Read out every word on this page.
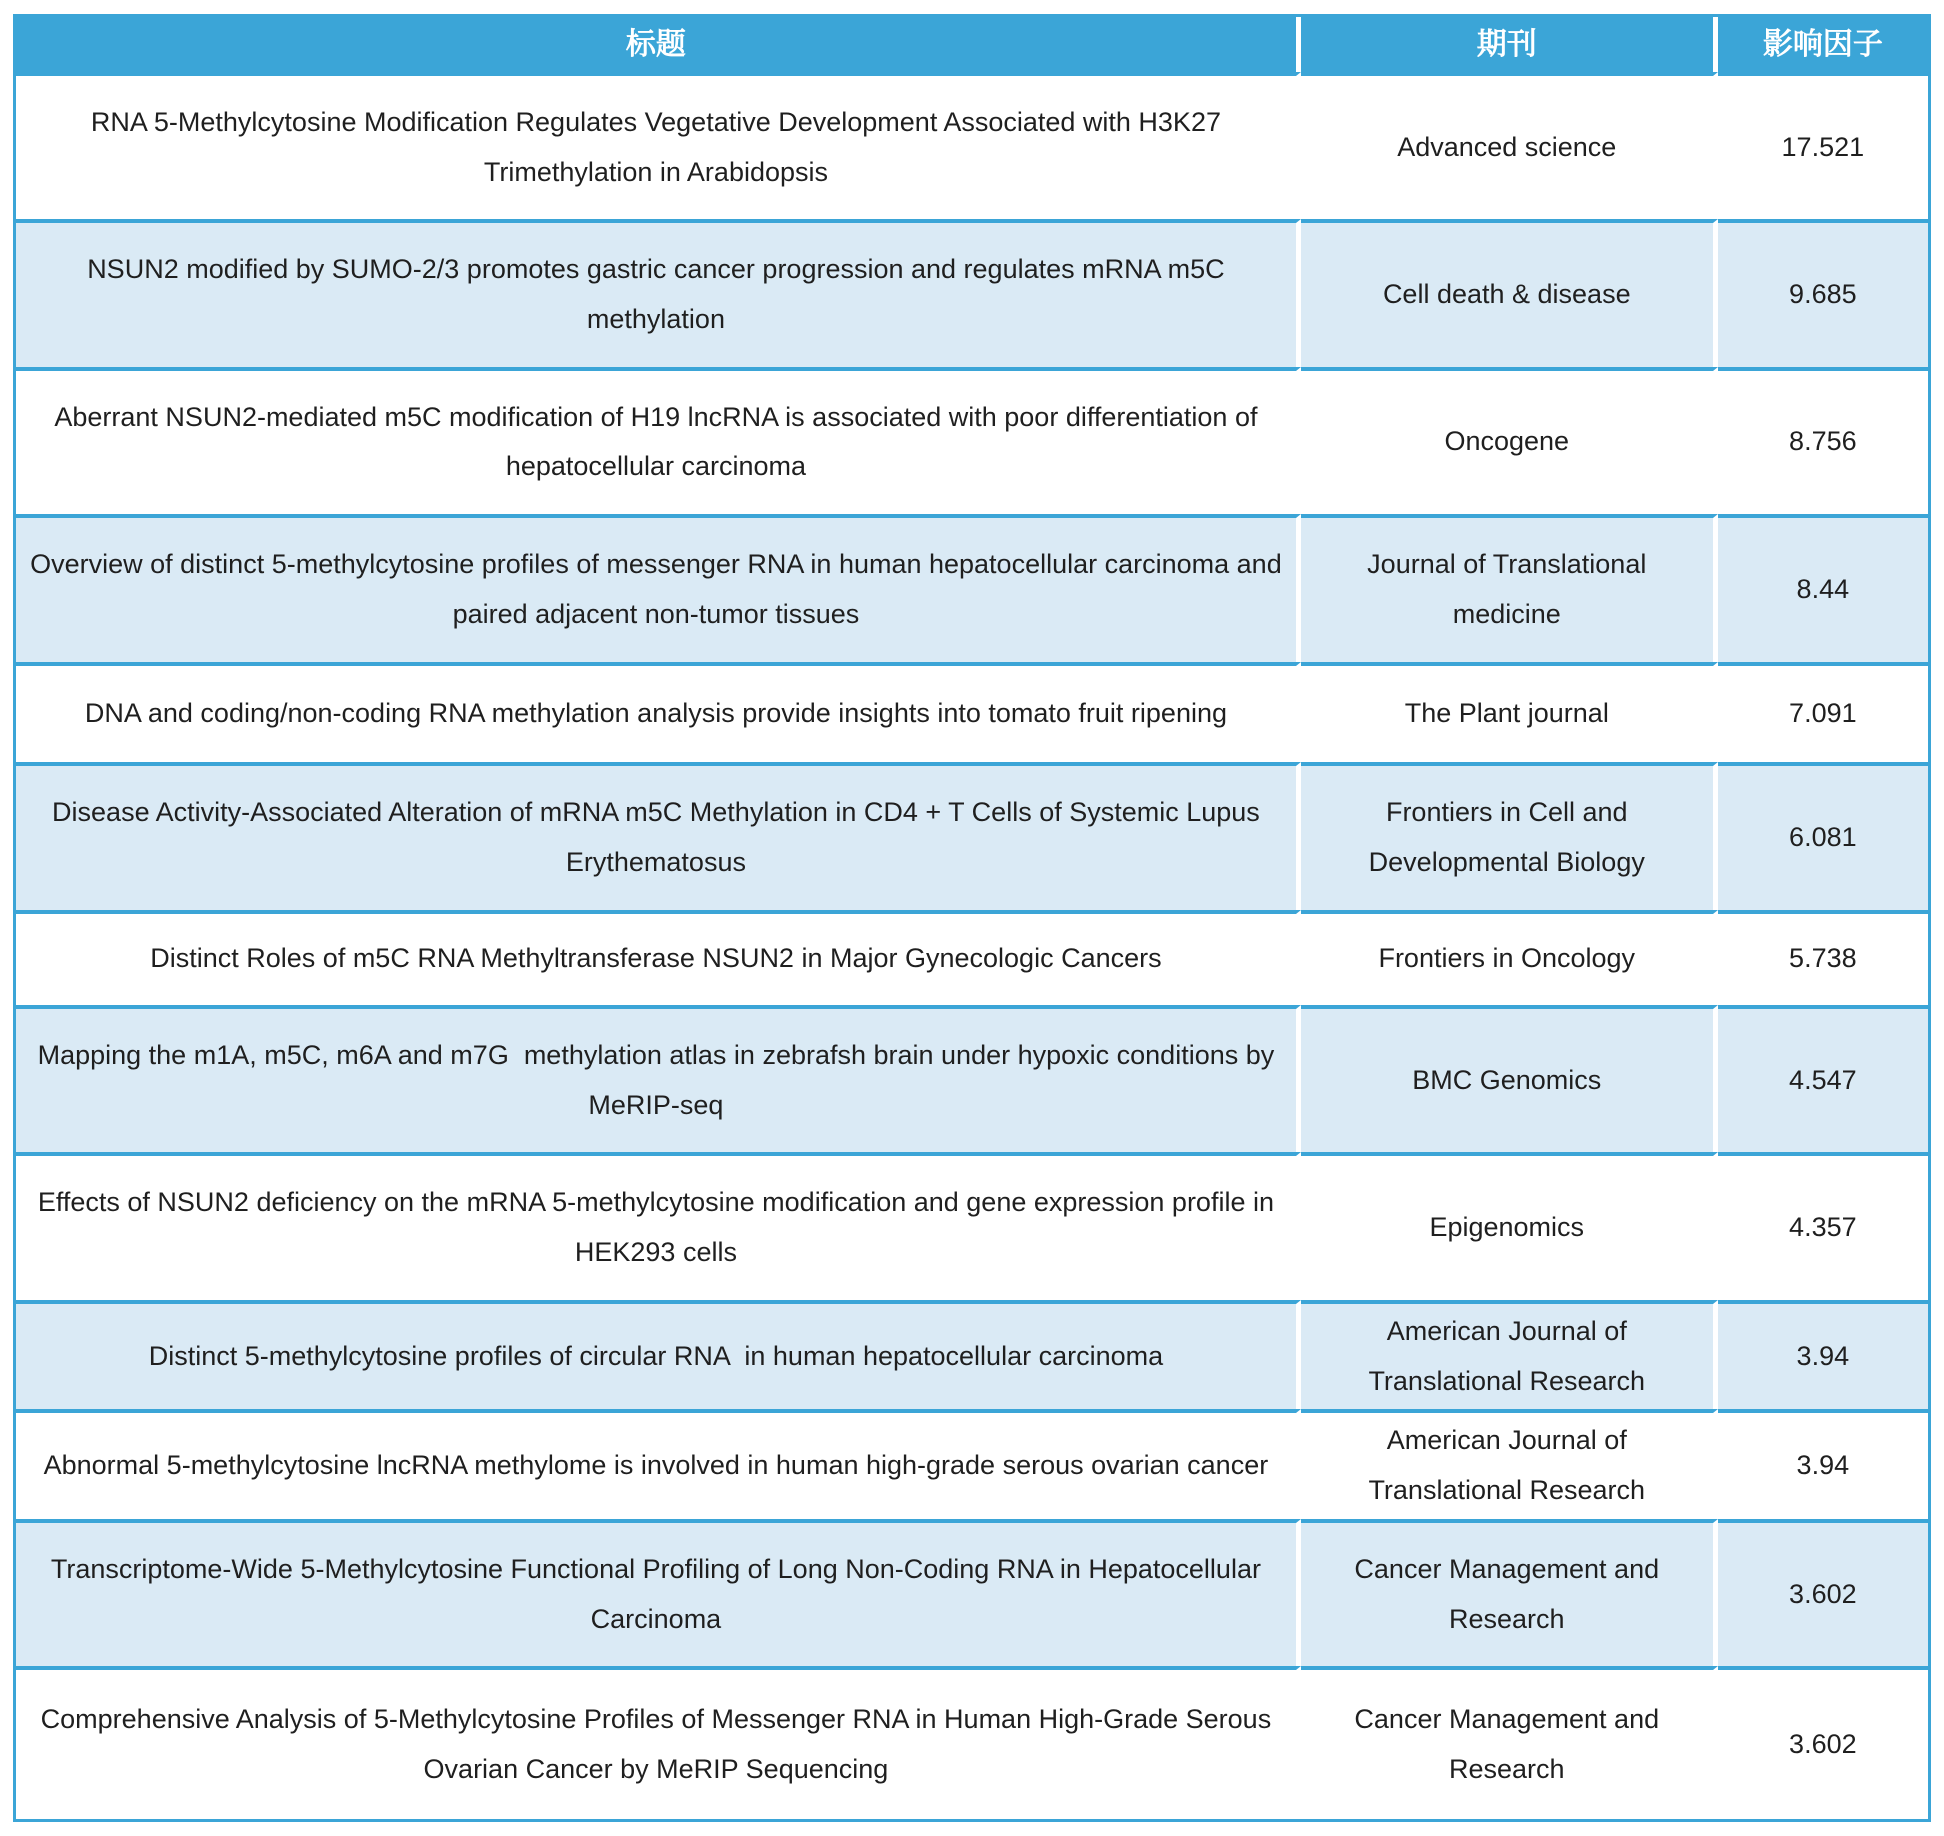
标题	期刊	影响因子
RNA 5-Methylcytosine Modification Regulates Vegetative Development Associated with H3K27 Trimethylation in Arabidopsis	Advanced science	17.521
NSUN2 modified by SUMO-2/3 promotes gastric cancer progression and regulates mRNA m5C methylation	Cell death & disease	9.685
Aberrant NSUN2-mediated m5C modification of H19 lncRNA is associated with poor differentiation of hepatocellular carcinoma	Oncogene	8.756
Overview of distinct 5-methylcytosine profiles of messenger RNA in human hepatocellular carcinoma and paired adjacent non-tumor tissues	Journal of Translational medicine	8.44
DNA and coding/non-coding RNA methylation analysis provide insights into tomato fruit ripening	The Plant journal	7.091
Disease Activity-Associated Alteration of mRNA m5C Methylation in CD4 + T Cells of Systemic Lupus Erythematosus	Frontiers in Cell and Developmental Biology	6.081
Distinct Roles of m5C RNA Methyltransferase NSUN2 in Major Gynecologic Cancers	Frontiers in Oncology	5.738
Mapping the m1A, m5C, m6A and m7G  methylation atlas in zebrafsh brain under hypoxic conditions by MeRIP-seq	BMC Genomics	4.547
Effects of NSUN2 deficiency on the mRNA 5-methylcytosine modification and gene expression profile in HEK293 cells	Epigenomics	4.357
Distinct 5-methylcytosine profiles of circular RNA  in human hepatocellular carcinoma	American Journal of Translational Research	3.94
Abnormal 5-methylcytosine lncRNA methylome is involved in human high-grade serous ovarian cancer	American Journal of Translational Research	3.94
Transcriptome-Wide 5-Methylcytosine Functional Profiling of Long Non-Coding RNA in Hepatocellular Carcinoma	Cancer Management and Research	3.602
Comprehensive Analysis of 5-Methylcytosine Profiles of Messenger RNA in Human High-Grade Serous Ovarian Cancer by MeRIP Sequencing	Cancer Management and Research	3.602
